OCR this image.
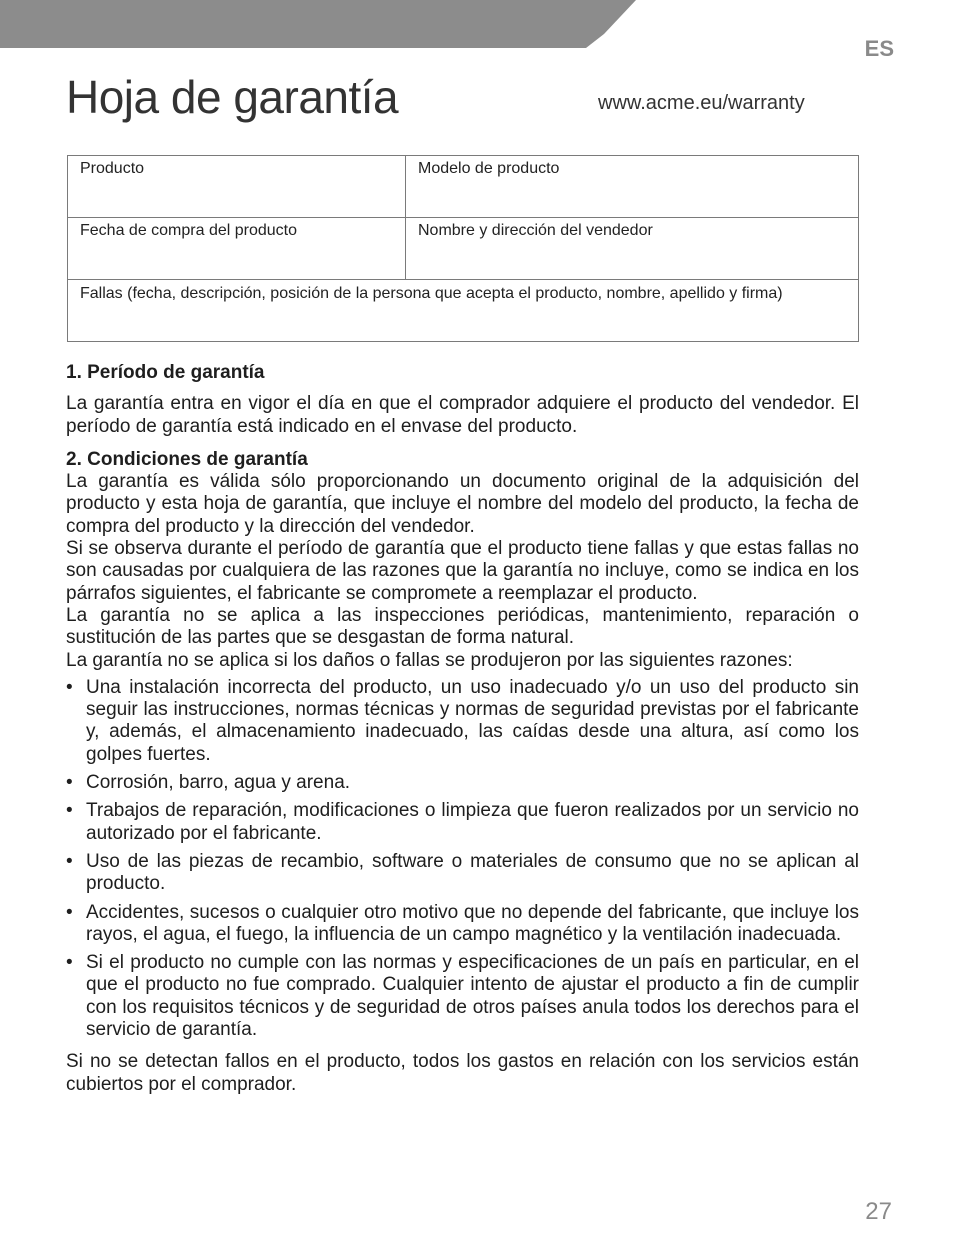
ES
Hoja de garantía	www.acme.eu/warranty
Producto	Modelo de producto
Fecha de compra del producto	Nombre y dirección del vendedor
Fallas (fecha, descripción, posición de la persona que acepta el producto, nombre, apellido y firma)	
1. Período de garantía

La garantía entra en vigor el día en que el comprador adquiere el producto del vendedor. El período de garantía está indicado en el envase del producto.

2. Condiciones de garantía

La garantía es válida sólo proporcionando un documento original de la adquisición del producto y esta hoja de garantía, que incluye el nombre del modelo del producto, la fecha de compra del producto y la dirección del vendedor.

Si se observa durante el período de garantía que el producto tiene fallas y que estas fallas no son causadas por cualquiera de las razones que la garantía no incluye, como se indica en los párrafos siguientes, el fabricante se compromete a reemplazar el producto.

La garantía no se aplica a las inspecciones periódicas, mantenimiento, reparación o sustitución de las partes que se desgastan de forma natural.

La garantía no se aplica si los daños o fallas se produjeron por las siguientes razones:

• Una instalación incorrecta del producto, un uso inadecuado y/o un uso del producto sin seguir las instrucciones, normas técnicas y normas de seguridad previstas por el fabricante y, además, el almacenamiento inadecuado, las caídas desde una altura, así como los golpes fuertes.
• Corrosión, barro, agua y arena.
• Trabajos de reparación, modificaciones o limpieza que fueron realizados por un servicio no autorizado por el fabricante.
• Uso de las piezas de recambio, software o materiales de consumo que no se aplican al producto.
• Accidentes, sucesos o cualquier otro motivo que no depende del fabricante, que incluye los rayos, el agua, el fuego, la influencia de un campo magnético y la ventilación inadecuada.
• Si el producto no cumple con las normas y especificaciones de un país en particular, en el que el producto no fue comprado. Cualquier intento de ajustar el producto a fin de cumplir con los requisitos técnicos y de seguridad de otros países anula todos los derechos para el servicio de garantía.

Si no se detectan fallos en el producto, todos los gastos en relación con los servicios están cubiertos por el comprador.

27
